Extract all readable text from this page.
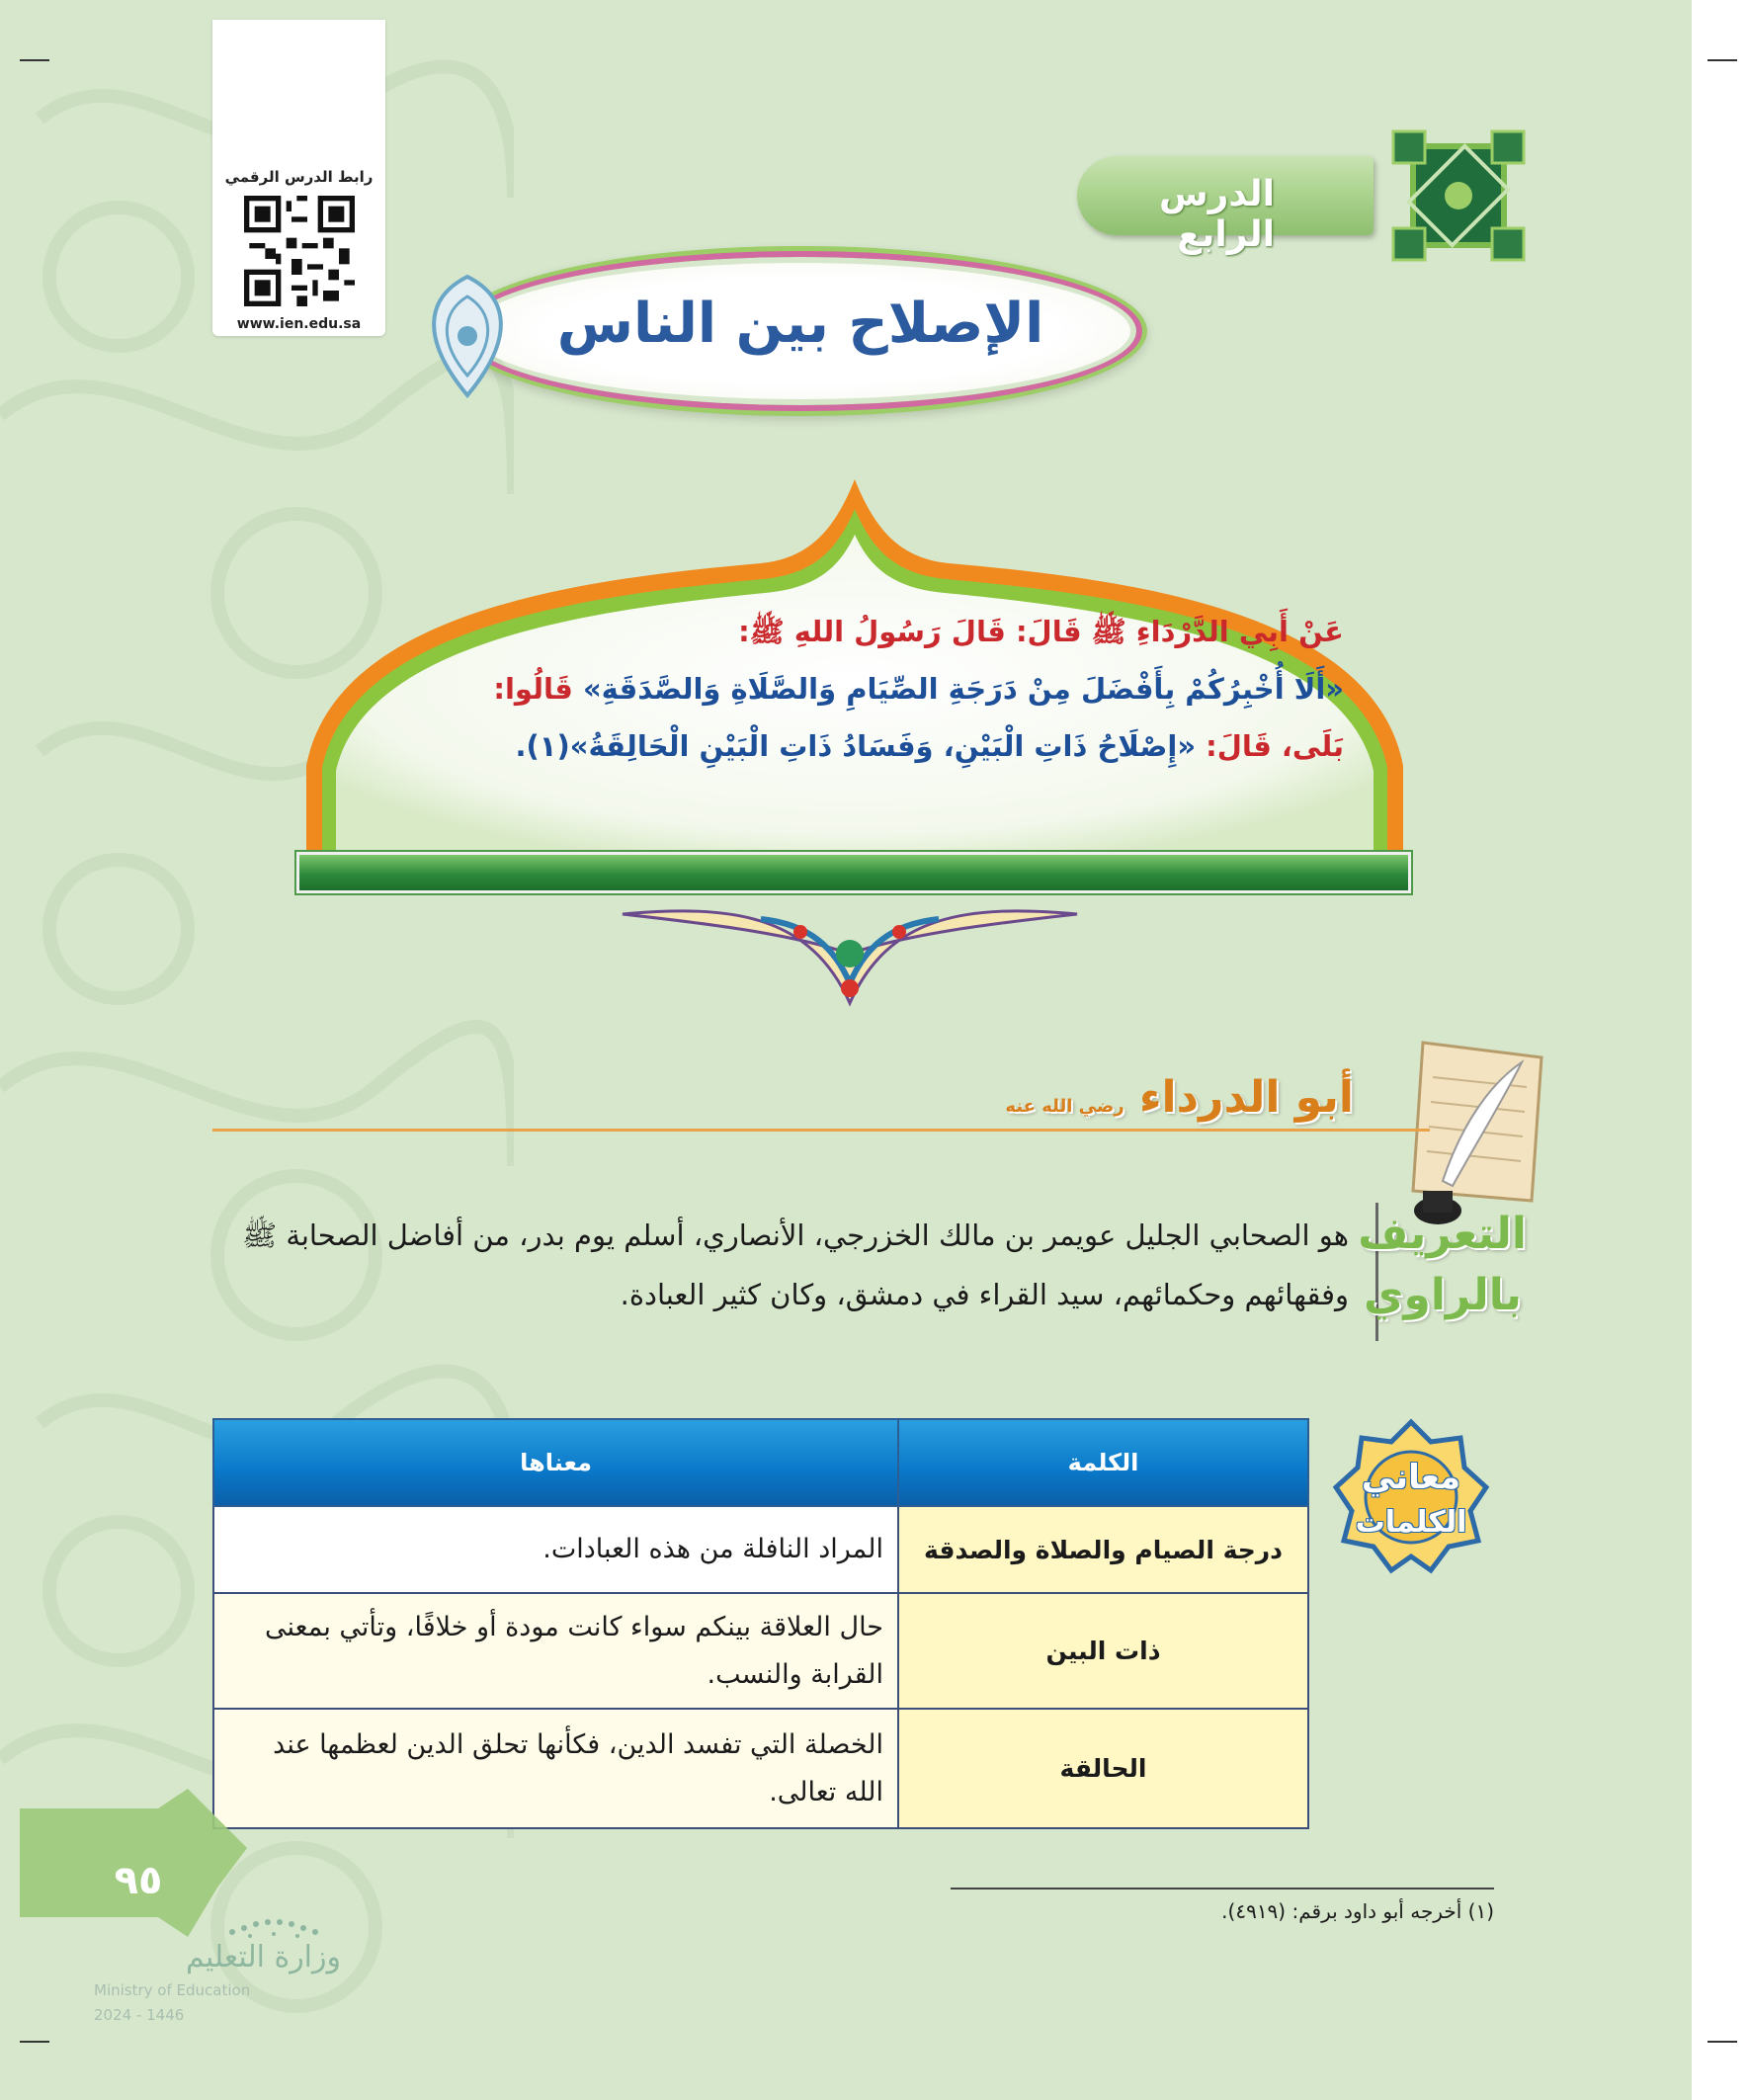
رابط الدرس الرقمي
www.ien.edu.sa
الدرس الرابع
الإصلاح بين الناس
عَنْ أَبِي الدَّرْدَاءِ ﷺ قَالَ: قَالَ رَسُولُ اللهِ ﷺ:
«أَلَا أُخْبِرُكُمْ بِأَفْضَلَ مِنْ دَرَجَةِ الصِّيَامِ وَالصَّلَاةِ وَالصَّدَقَةِ» قَالُوا:
بَلَى، قَالَ: «إِصْلَاحُ ذَاتِ الْبَيْنِ، وَفَسَادُ ذَاتِ الْبَيْنِ الْحَالِقَةُ»(١).
أبو الدرداء رضي الله عنه
التعريف
بالراوي
هو الصحابي الجليل عويمر بن مالك الخزرجي، الأنصاري، أسلم يوم بدر، من أفاضل الصحابة ﷺ
وفقهائهم وحكمائهم، سيد القراء في دمشق، وكان كثير العبادة.
معاني
الكلمات
الكلمة	معناها
درجة الصيام والصلاة والصدقة	المراد النافلة من هذه العبادات.
ذات البين	حال العلاقة بينكم سواء كانت مودة أو خلافًا، وتأتي بمعنى القرابة والنسب.
الحالقة	الخصلة التي تفسد الدين، فكأنها تحلق الدين لعظمها عند الله تعالى.
(١) أخرجه أبو داود برقم: (٤٩١٩).
٩٥
وزارة التعليم
Ministry of Education
2024 - 1446
